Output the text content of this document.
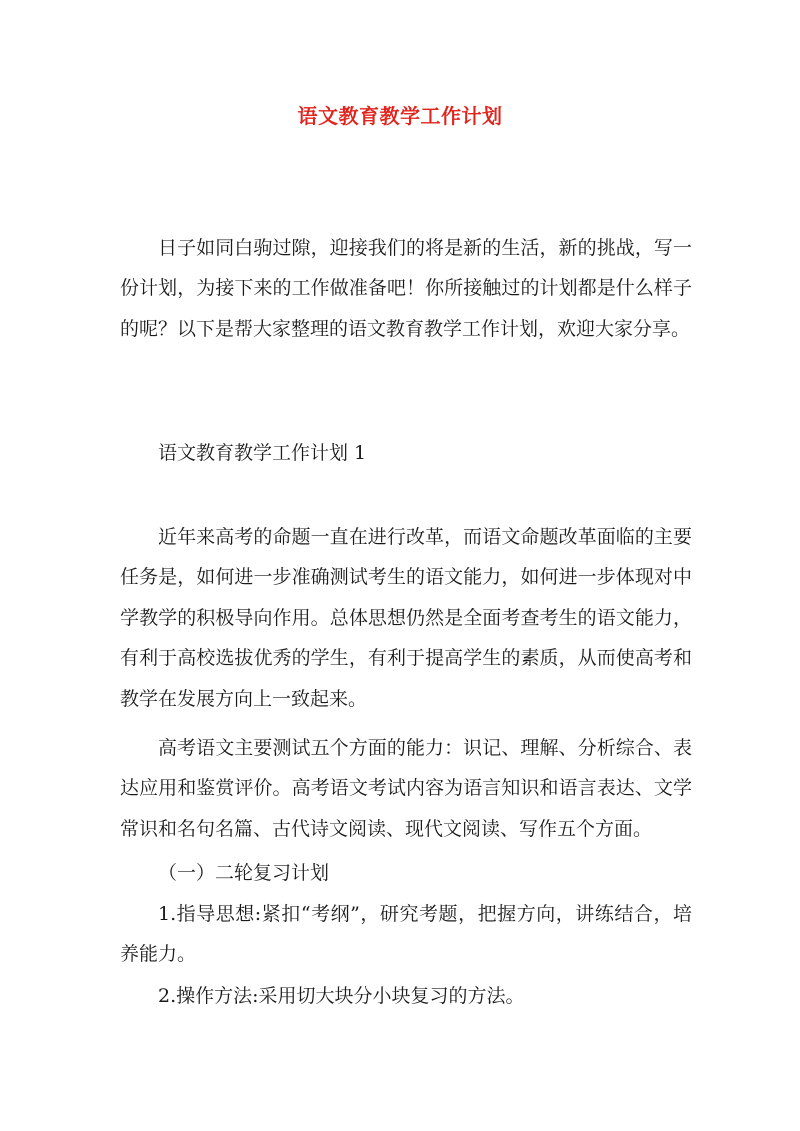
语文教育教学工作计划

日子如同白驹过隙，迎接我们的将是新的生活，新的挑战，写一份计划，为接下来的工作做准备吧！你所接触过的计划都是什么样子的呢？以下是帮大家整理的语文教育教学工作计划，欢迎大家分享。

语文教育教学工作计划 1

近年来高考的命题一直在进行改革，而语文命题改革面临的主要任务是，如何进一步准确测试考生的语文能力，如何进一步体现对中学教学的积极导向作用。总体思想仍然是全面考查考生的语文能力，有利于高校选拔优秀的学生，有利于提高学生的素质，从而使高考和教学在发展方向上一致起来。

高考语文主要测试五个方面的能力：识记、理解、分析综合、表达应用和鉴赏评价。高考语文考试内容为语言知识和语言表达、文学常识和名句名篇、古代诗文阅读、现代文阅读、写作五个方面。

（一）二轮复习计划

1.指导思想:紧扣“考纲”，研究考题，把握方向，讲练结合，培养能力。

2.操作方法:采用切大块分小块复习的方法。
